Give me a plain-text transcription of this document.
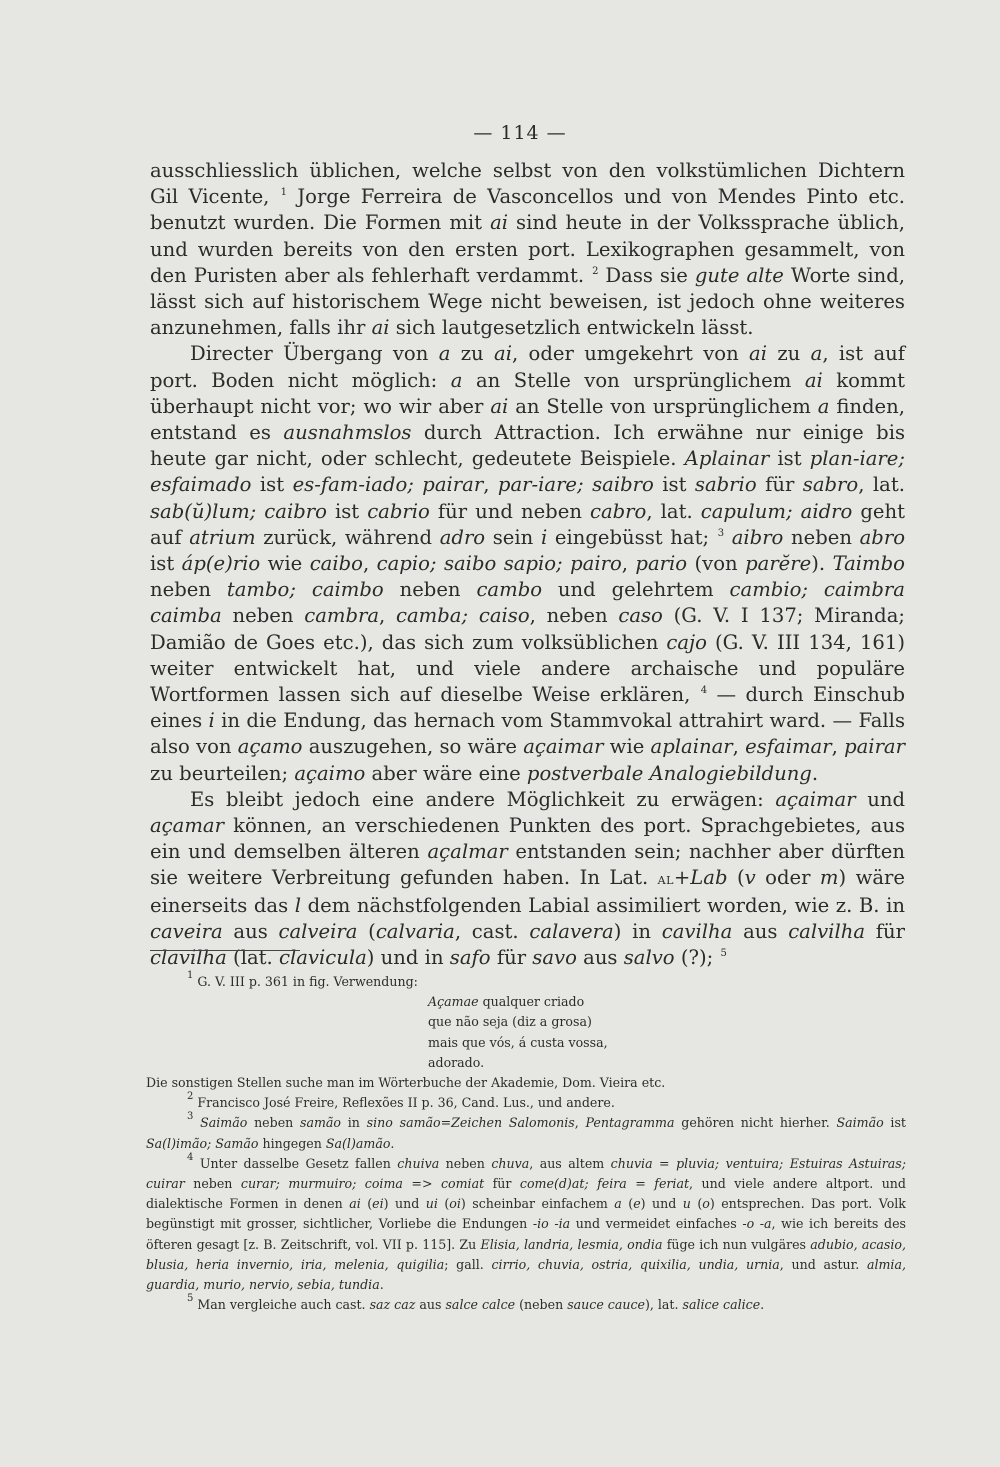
— 114 —

ausschliesslich üblichen, welche selbst von den volkstümlichen Dichtern Gil Vicente, $^1$ Jorge Ferreira de Vasconcellos und von Mendes Pinto etc. benutzt wurden. Die Formen mit ai sind heute in der Volkssprache üblich, und wurden bereits von den ersten port. Lexikographen gesammelt, von den Puristen aber als fehlerhaft verdammt. $^2$ Dass sie gute alte Worte sind, lässt sich auf historischem Wege nicht beweisen, ist jedoch ohne weiteres anzunehmen, falls ihr ai sich lautgesetzlich entwickeln lässt.

Directer Übergang von a zu ai, oder umgekehrt von ai zu a, ist auf port. Boden nicht möglich: a an Stelle von ursprünglichem ai kommt überhaupt nicht vor; wo wir aber ai an Stelle von ursprünglichem a finden, entstand es ausnahmslos durch Attraction. Ich erwähne nur einige bis heute gar nicht, oder schlecht, gedeutete Beispiele. Aplainar ist plan-iare; esfaimado ist es-fam-iado; pairar, par-iare; saibro ist sabrio für sabro, lat. sab(ŭ)lum; caibro ist cabrio für und neben cabro, lat. capulum; aidro geht auf atrium zurück, während adro sein i eingebüsst hat; $^3$ aibro neben abro ist áp(e)rio wie caibo, capio; saibo sapio; pairo, pario (von parĕre). Taimbo neben tambo; caimbo neben cambo und gelehrtem cambio; caimbra caimba neben cambra, camba; caiso, neben caso (G. V. I 137; Miranda; Damião de Goes etc.), das sich zum volksüblichen cajo (G. V. III 134, 161) weiter entwickelt hat, und viele andere archaische und populäre Wortformen lassen sich auf dieselbe Weise erklären, $^4$ — durch Einschub eines i in die Endung, das hernach vom Stammvokal attrahirt ward. — Falls also von açamo auszugehen, so wäre açaimar wie aplainar, esfaimar, pairar zu beurteilen; açaimo aber wäre eine postverbale Analogiebildung.

Es bleibt jedoch eine andere Möglichkeit zu erwägen: açaimar und açamar können, an verschiedenen Punkten des port. Sprachgebietes, aus ein und demselben älteren açalmar entstanden sein; nachher aber dürften sie weitere Verbreitung gefunden haben. In Lat. al+Lab (v oder m) wäre einerseits das l dem nächstfolgenden Labial assimiliert worden, wie z. B. in caveira aus calveira (calvaria, cast. calavera) in cavilha aus calvilha für clavilha (lat. clavicula) und in safo für savo aus salvo (?); $^5$

$^1$ G. V. III p. 361 in fig. Verwendung:

Açamae qualquer criado
que não seja (diz a grosa)
mais que vós, á custa vossa,
adorado.

Die sonstigen Stellen suche man im Wörterbuche der Akademie, Dom. Vieira etc.

$^2$ Francisco José Freire, Reflexões II p. 36, Cand. Lus., und andere.

$^3$ Saimão neben samão in sino samão=Zeichen Salomonis, Pentagramma gehören nicht hierher. Saimão ist Sa(l)imão; Samão hingegen Sa(l)amão.

$^4$ Unter dasselbe Gesetz fallen chuiva neben chuva, aus altem chuvia = pluvia; ventuira; Estuiras Astuiras; cuirar neben curar; murmuiro; coima => comiat für come(d)at; feira = feriat, und viele andere altport. und dialektische Formen in denen ai (ei) und ui (oi) scheinbar einfachem a (e) und u (o) entsprechen. Das port. Volk begünstigt mit grosser, sichtlicher, Vorliebe die Endungen -io -ia und vermeidet einfaches -o -a, wie ich bereits des öfteren gesagt [z. B. Zeitschrift, vol. VII p. 115]. Zu Elisia, landria, lesmia, ondia füge ich nun vulgäres adubio, acasio, blusia, heria invernio, iria, melenia, quigilia; gall. cirrio, chuvia, ostria, quixilia, undia, urnia, und astur. almia, guardia, murio, nervio, sebia, tundia.

$^5$ Man vergleiche auch cast. saz caz aus salce calce (neben sauce cauce), lat. salice calice.
